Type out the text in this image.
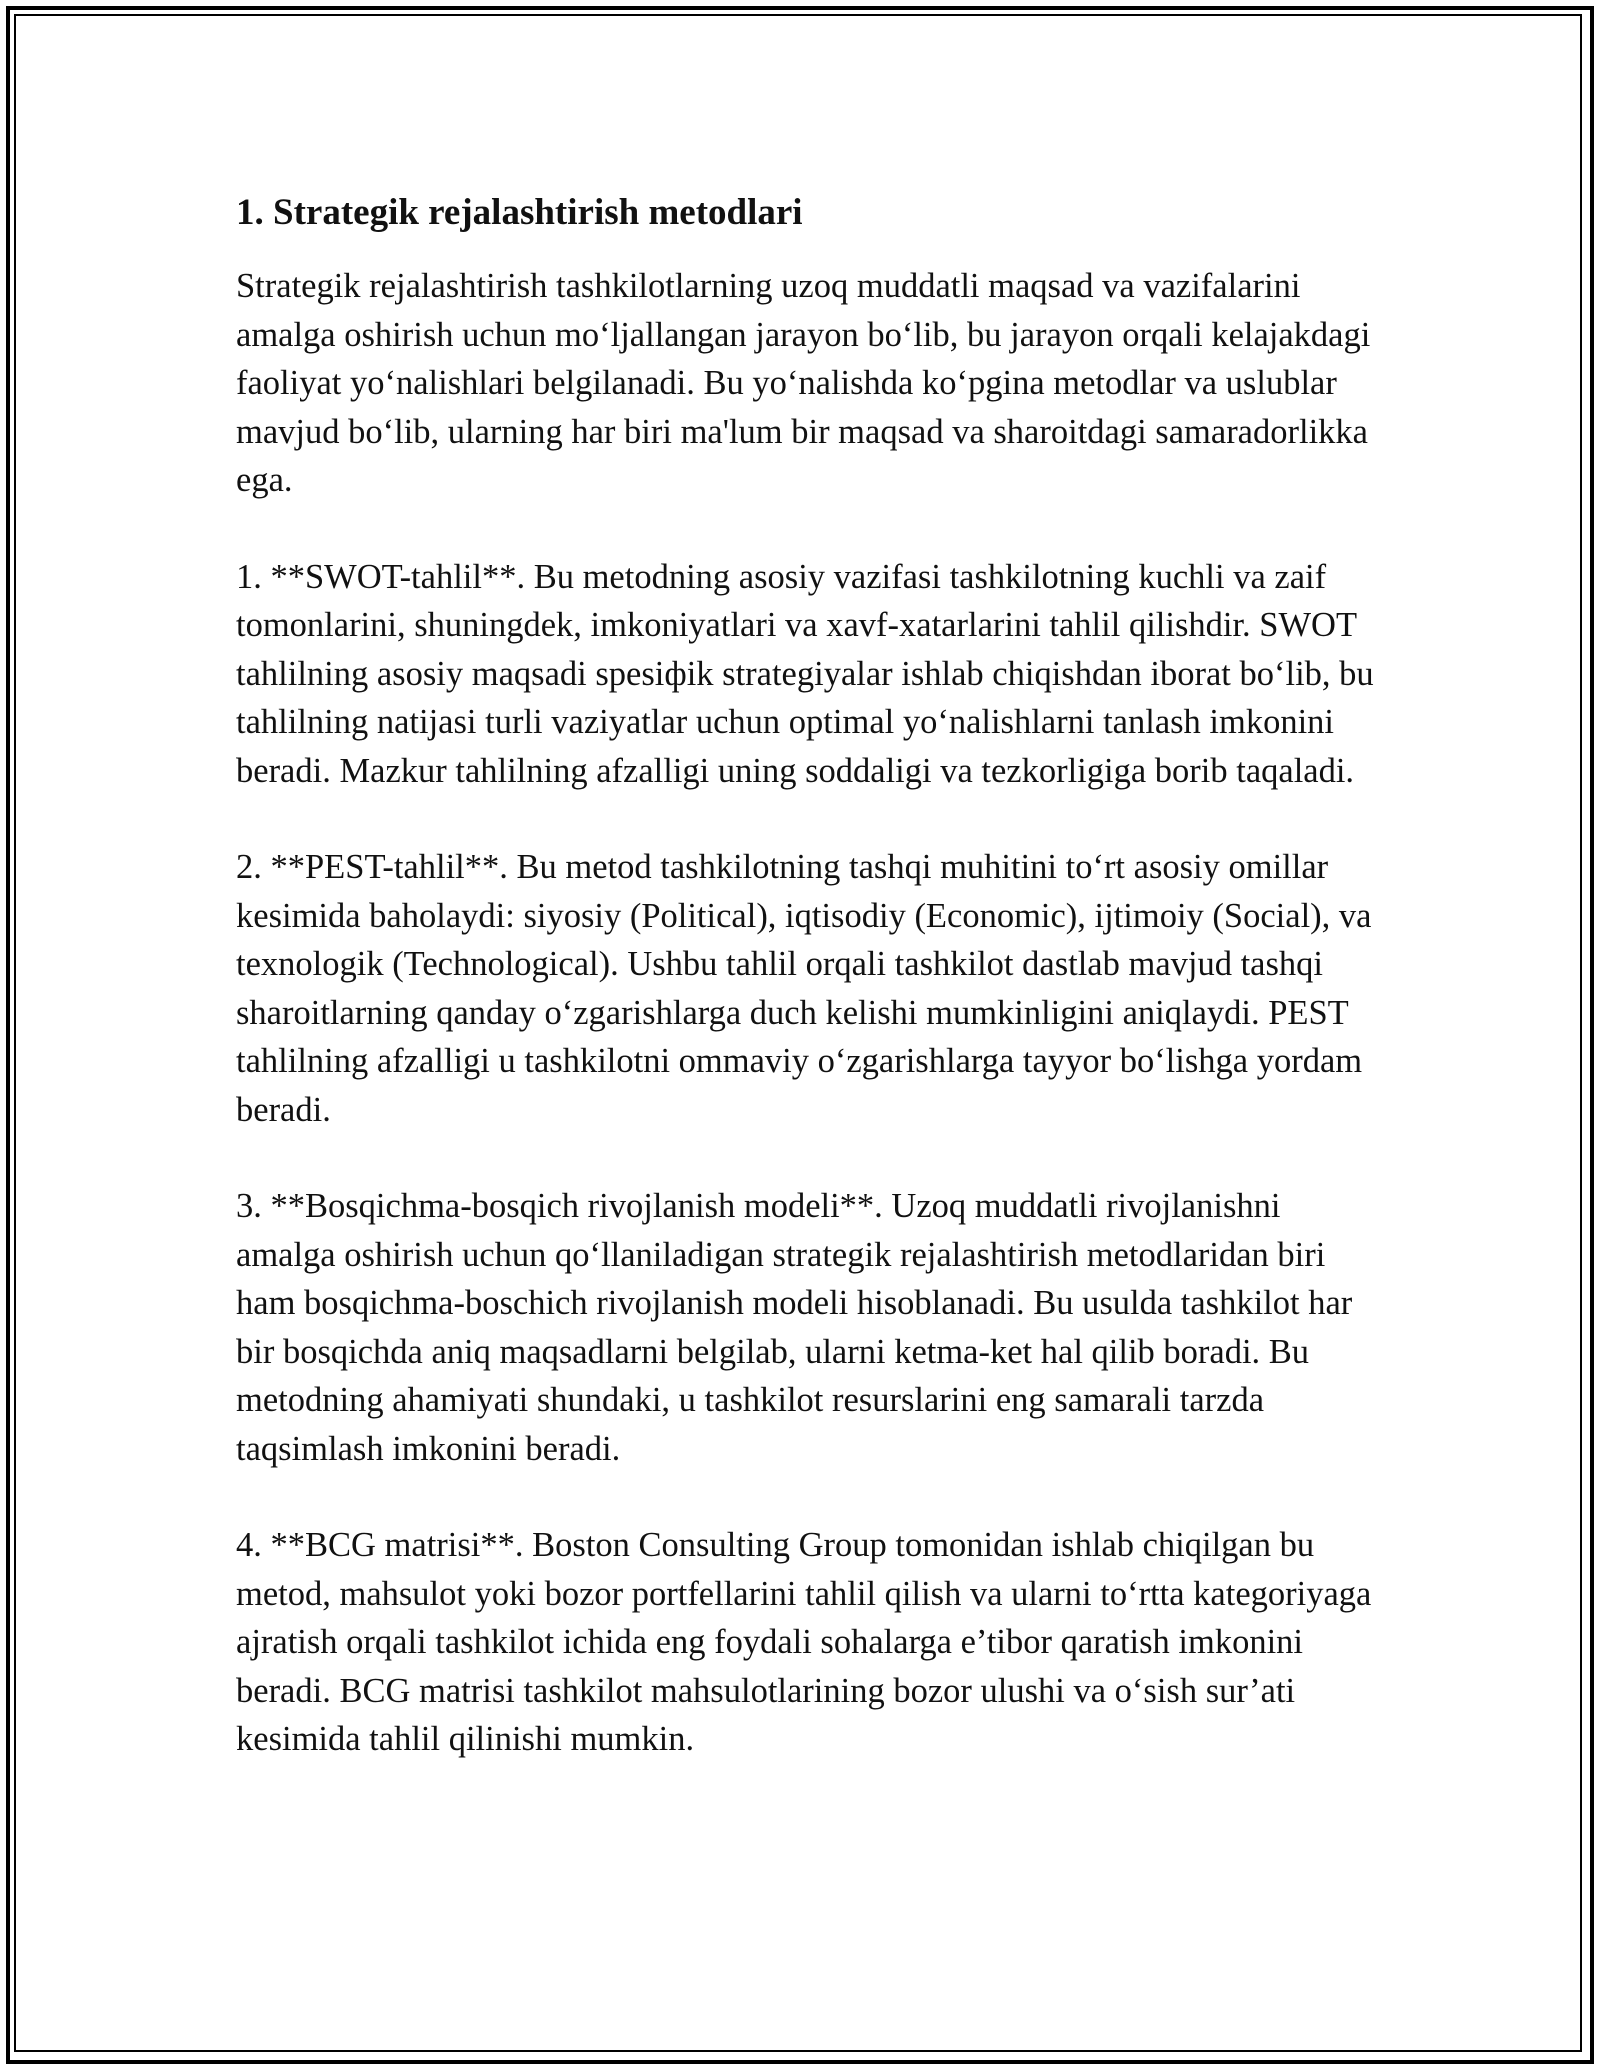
1. Strategik rejalashtirish metodlari

Strategik rejalashtirish tashkilotlarning uzoq muddatli maqsad va vazifalarini amalga oshirish uchun mo‘ljallangan jarayon bo‘lib, bu jarayon orqali kelajakdagi faoliyat yo‘nalishlari belgilanadi. Bu yo‘nalishda ko‘pgina metodlar va uslublar mavjud bo‘lib, ularning har biri ma'lum bir maqsad va sharoitdagi samaradorlikka ega.

1. **SWOT-tahlil**. Bu metodning asosiy vazifasi tashkilotning kuchli va zaif tomonlarini, shuningdek, imkoniyatlari va xavf-xatarlarini tahlil qilishdir. SWOT tahlilning asosiy maqsadi spesiфik strategiyalar ishlab chiqishdan iborat bo‘lib, bu tahlilning natijasi turli vaziyatlar uchun optimal yo‘nalishlarni tanlash imkonini beradi. Mazkur tahlilning afzalligi uning soddaligi va tezkorligiga borib taqaladi.

2. **PEST-tahlil**. Bu metod tashkilotning tashqi muhitini to‘rt asosiy omillar kesimida baholaydi: siyosiy (Political), iqtisodiy (Economic), ijtimoiy (Social), va texnologik (Technological). Ushbu tahlil orqali tashkilot dastlab mavjud tashqi sharoitlarning qanday o‘zgarishlarga duch kelishi mumkinligini aniqlaydi. PEST tahlilning afzalligi u tashkilotni ommaviy o‘zgarishlarga tayyor bo‘lishga yordam beradi.

3. **Bosqichma-bosqich rivojlanish modeli**. Uzoq muddatli rivojlanishni amalga oshirish uchun qo‘llaniladigan strategik rejalashtirish metodlaridan biri ham bosqichma-boschich rivojlanish modeli hisoblanadi. Bu usulda tashkilot har bir bosqichda aniq maqsadlarni belgilab, ularni ketma-ket hal qilib boradi. Bu metodning ahamiyati shundaki, u tashkilot resurslarini eng samarali tarzda taqsimlash imkonini beradi.

4. **BCG matrisi**. Boston Consulting Group tomonidan ishlab chiqilgan bu metod, mahsulot yoki bozor portfellarini tahlil qilish va ularni to‘rtta kategoriyaga ajratish orqali tashkilot ichida eng foydali sohalarga e’tibor qaratish imkonini beradi. BCG matrisi tashkilot mahsulotlarining bozor ulushi va o‘sish sur’ati kesimida tahlil qilinishi mumkin.
